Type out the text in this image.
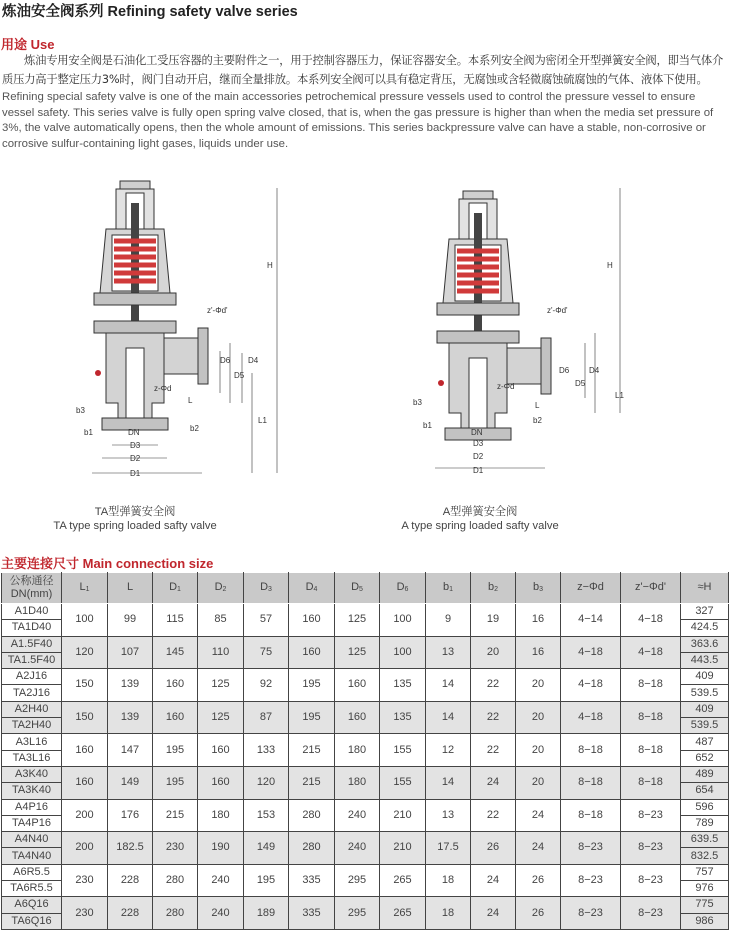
炼油安全阀系列 Refining safety valve series
用途 Use

炼油专用安全阀是石油化工受压容器的主要附件之一，用于控制容器压力，保证容器安全。本系列安全阀为密闭全开型弹簧安全阀，即当气体介质压力高于整定压力3%时，阀门自动开启，继而全量排放。本系列安全阀可以具有稳定背压，无腐蚀或含轻微腐蚀硫腐蚀的气体、液体下使用。

Refining special safety valve is one of the main accessories petrochemical pressure vessels used to control the pressure vessel to ensure vessel safety. This series valve is fully open spring valve closed, that is, when the gas pressure is higher than when the media set pressure of 3%, the valve automatically opens, then the whole amount of emissions. This series backpressure valve can have a stable, non-corrosive or corrosive sulfur-containing light gases, liquids under use.

H
L1
L
D4
D5
D6
z'-Φd'
z-Φd
DN
D3
D2
D1
b3
b1	b2
H
L1
L
D4
D5
D6
z'-Φd'
z-Φd
DN
D3
D2
D1
b3
b1
b2
TA型弹簧安全阀
TA type spring loaded safty valve
A型弹簧安全阀
A type spring loaded safty valve
主要连接尺寸 Main connection size
公称通径
DN(mm)	$L_1$	L	$D_1$	$D_2$	$D_3$	$D_4$	$D_5$	$D_6$	$b_1$	$b_2$	$b_3$	z−Φd	z'−Φd'	≈H
A1D40	100	99	115	85	57	160	125	100	9	19	16	4−14	4−18	327
TA1D40														424.5
A1.5F40	120	107	145	110	75	160	125	100	13	20	16	4−18	4−18	363.6
TA1.5F40														443.5
A2J16	150	139	160	125	92	195	160	135	14	22	20	4−18	8−18	409
TA2J16														539.5
A2H40	150	139	160	125	87	195	160	135	14	22	20	4−18	8−18	409
TA2H40														539.5
A3L16	160	147	195	160	133	215	180	155	12	22	20	8−18	8−18	487
TA3L16														652
A3K40	160	149	195	160	120	215	180	155	14	24	20	8−18	8−18	489
TA3K40														654
A4P16	200	176	215	180	153	280	240	210	13	22	24	8−18	8−23	596
TA4P16														789
A4N40	200	182.5	230	190	149	280	240	210	17.5	26	24	8−23	8−23	639.5
TA4N40														832.5
A6R5.5	230	228	280	240	195	335	295	265	18	24	26	8−23	8−23	757
TA6R5.5														976
A6Q16	230	228	280	240	189	335	295	265	18	24	26	8−23	8−23	775
TA6Q16														986
